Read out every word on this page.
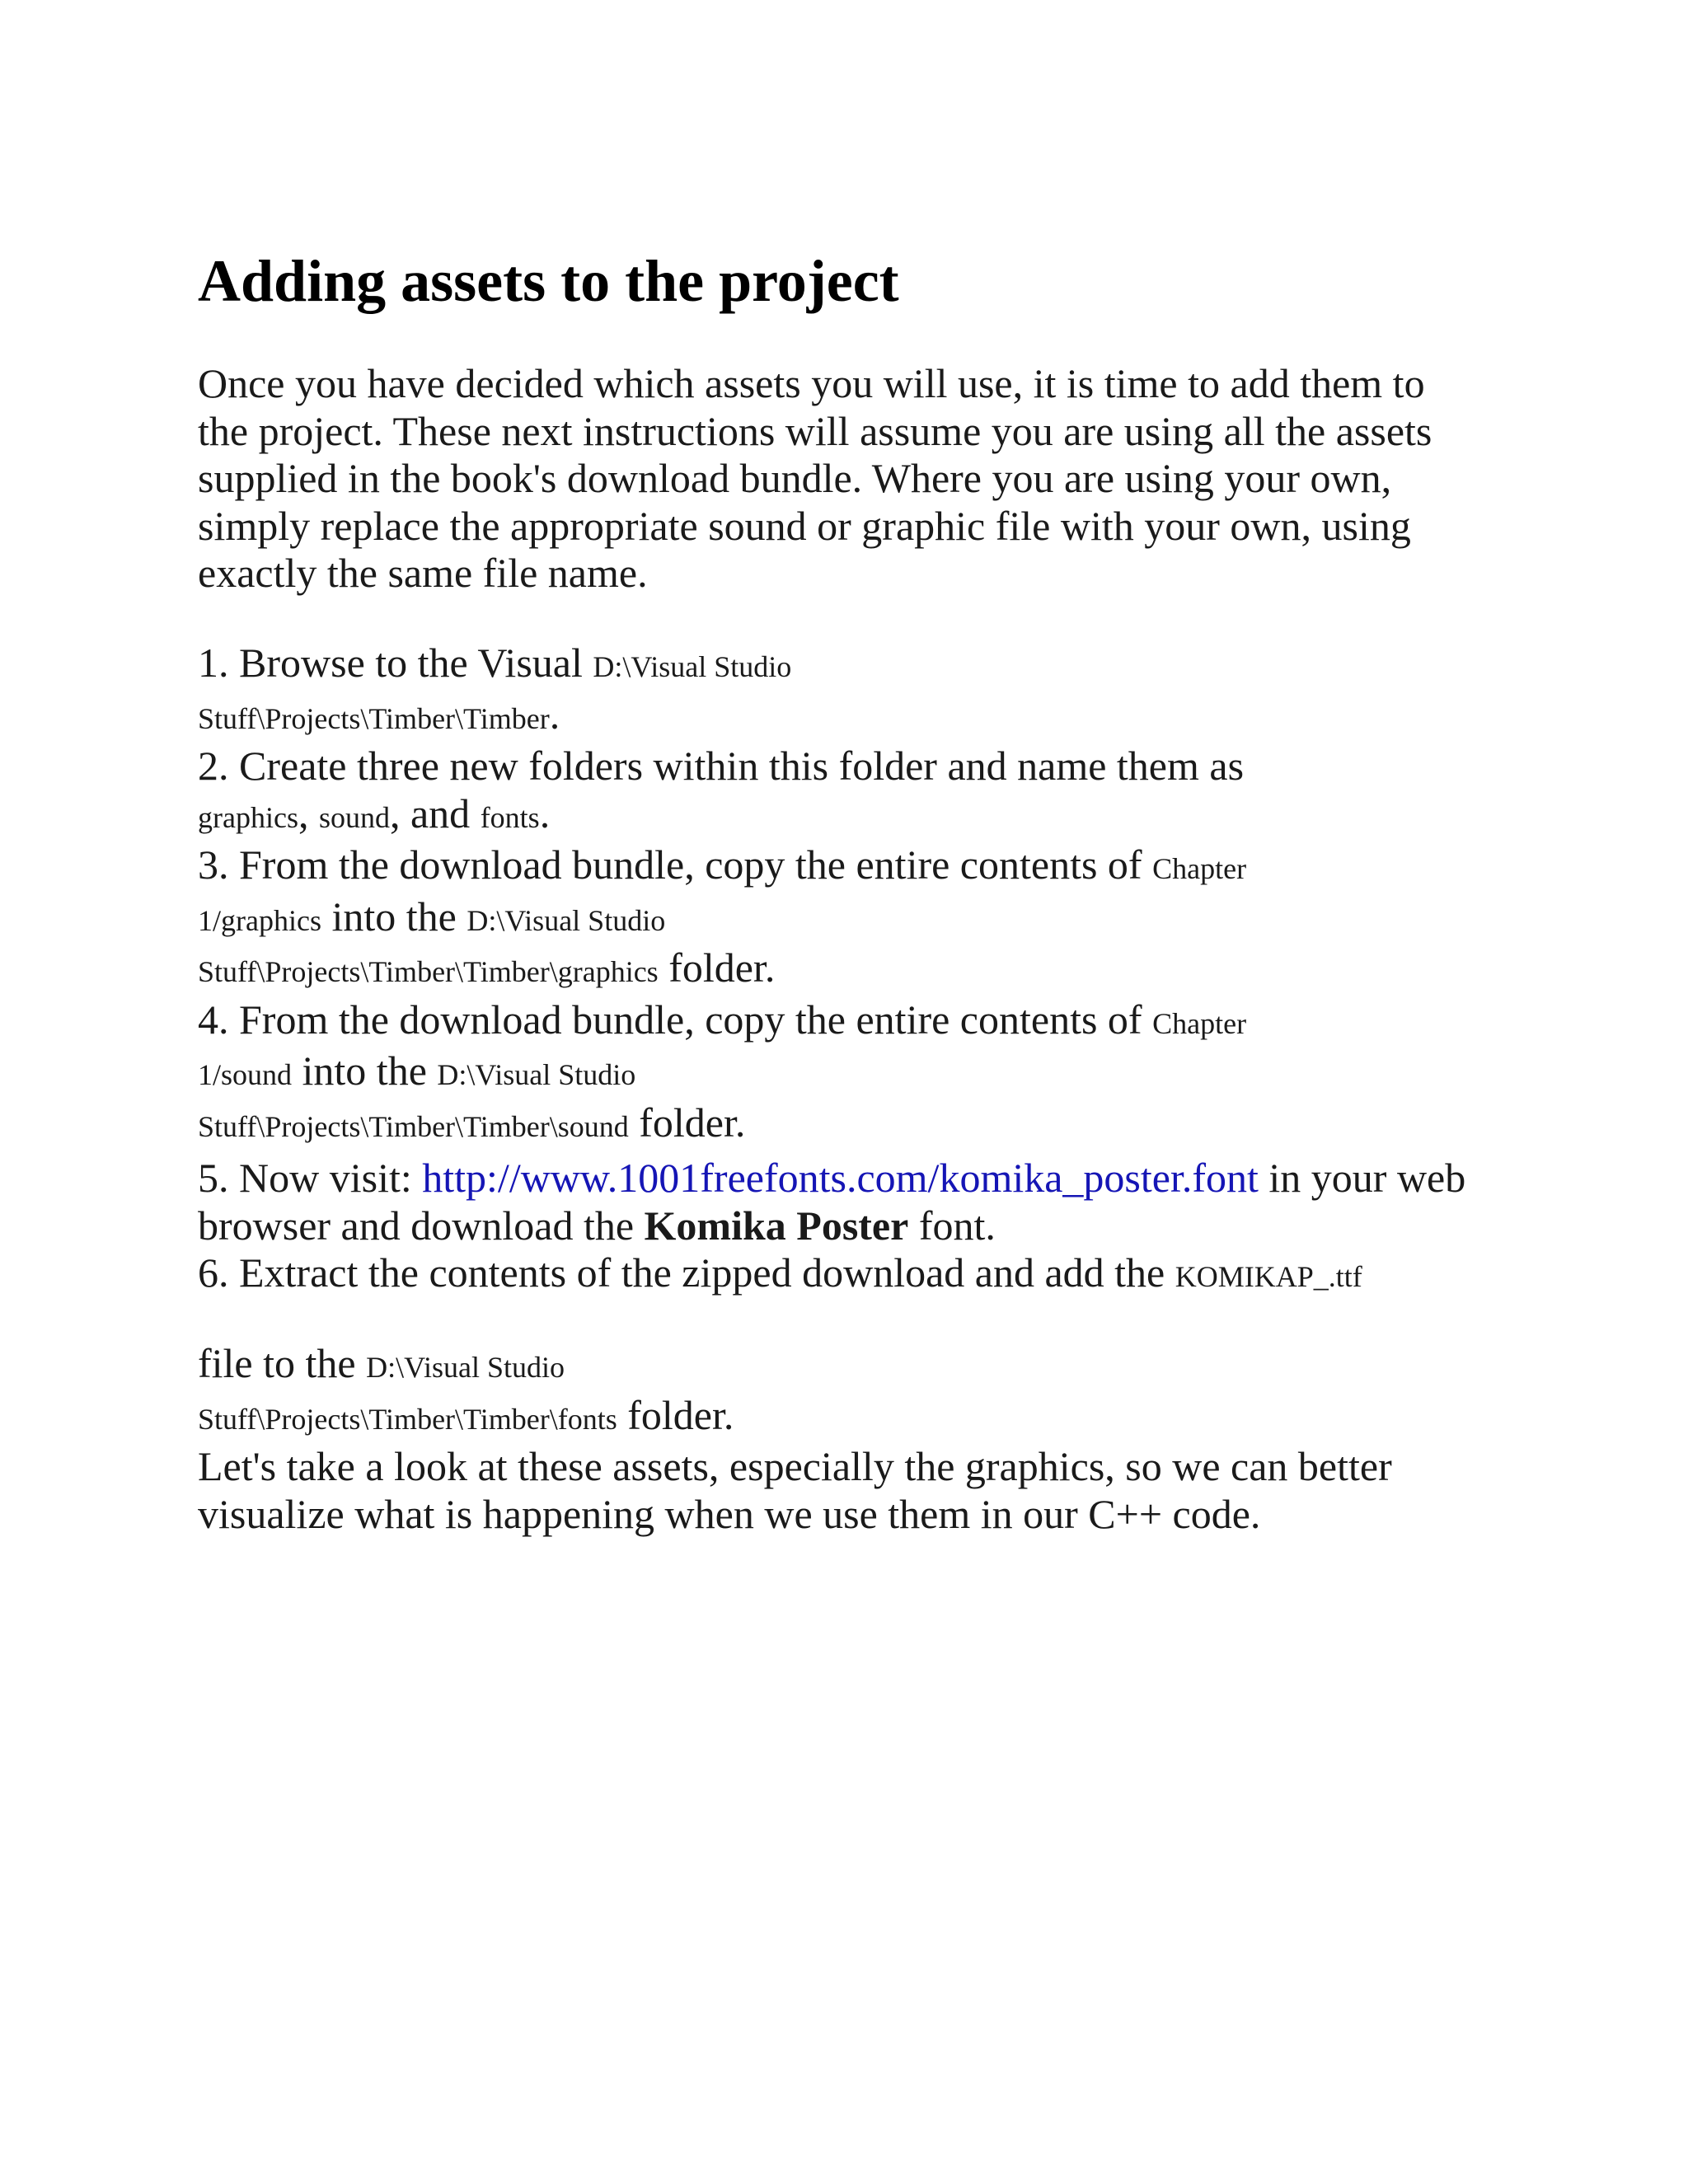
Adding assets to the project

Once you have decided which assets you will use, it is time to add them to
the project. These next instructions will assume you are using all the assets
supplied in the book's download bundle. Where you are using your own,
simply replace the appropriate sound or graphic file with your own, using
exactly the same file name.

1. Browse to the Visual D:\Visual Studio
Stuff\Projects\Timber\Timber.
2. Create three new folders within this folder and name them as
graphics, sound, and fonts.
3. From the download bundle, copy the entire contents of Chapter
1/graphics into the D:\Visual Studio
Stuff\Projects\Timber\Timber\graphics folder.
4. From the download bundle, copy the entire contents of Chapter
1/sound into the D:\Visual Studio
Stuff\Projects\Timber\Timber\sound folder.
5. Now visit: http://www.1001freefonts.com/komika_poster.font in your web
browser and download the Komika Poster font.
6. Extract the contents of the zipped download and add the KOMIKAP_.ttf
file to the D:\Visual Studio
Stuff\Projects\Timber\Timber\fonts folder.
Let's take a look at these assets, especially the graphics, so we can better
visualize what is happening when we use them in our C++ code.
